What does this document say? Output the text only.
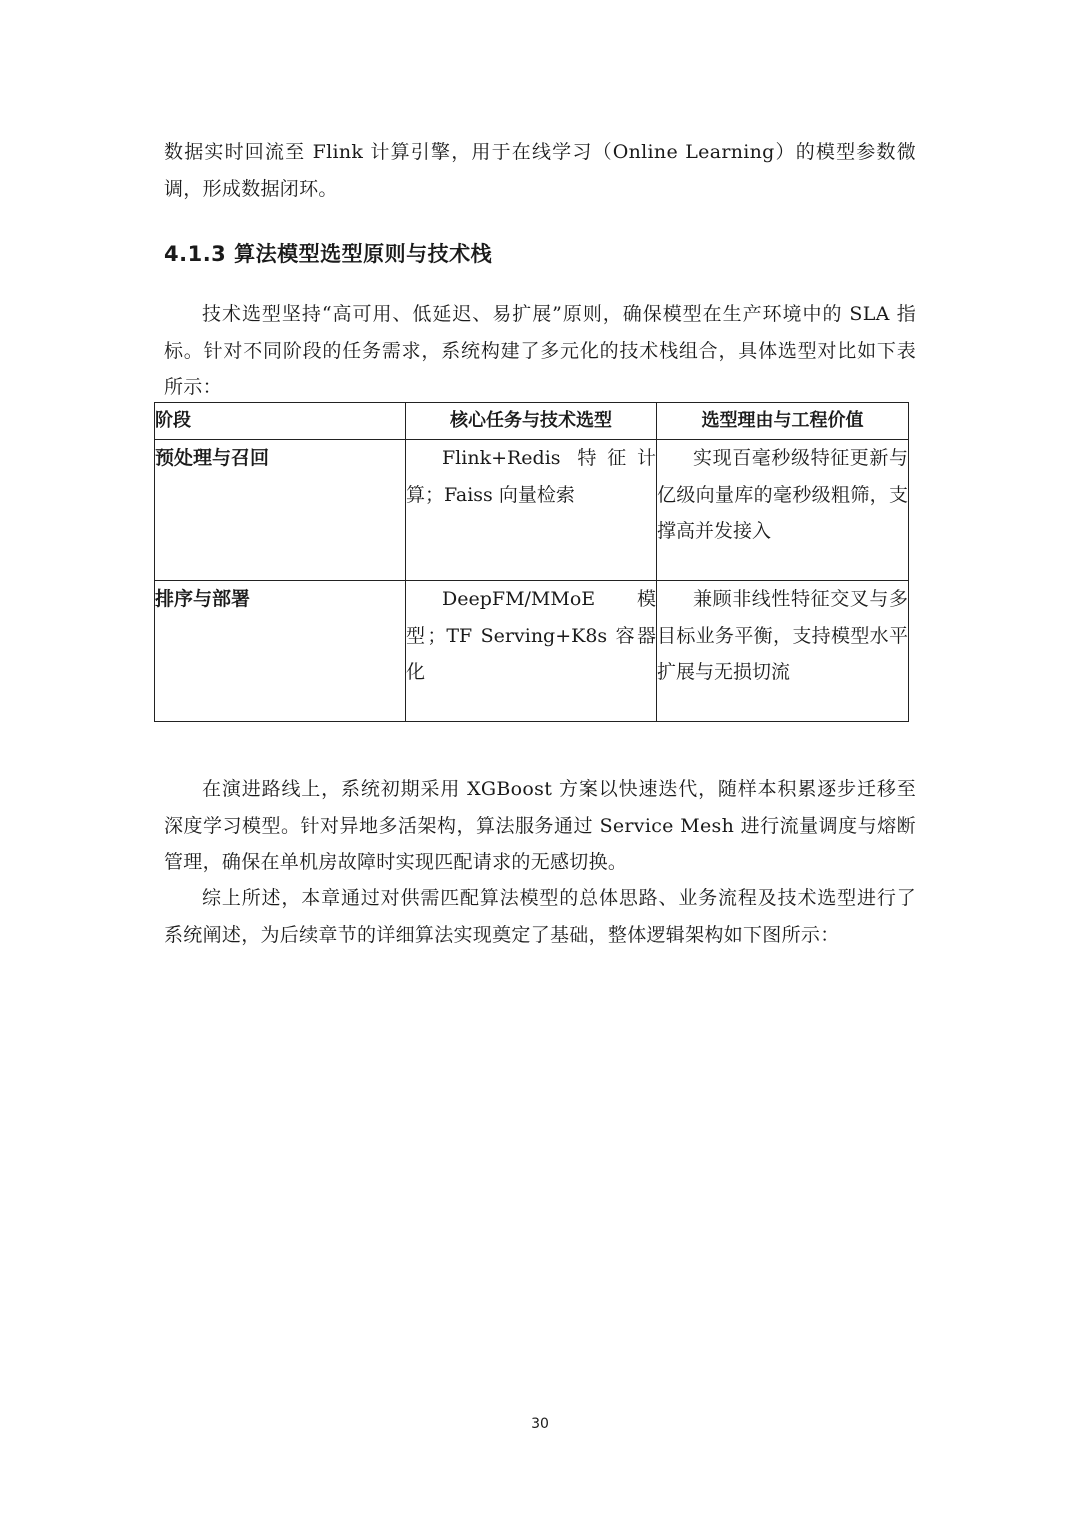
数据实时回流至 Flink 计算引擎，用于在线学习（Online Learning）的模型参数微调，形成数据闭环。

4.1.3 算法模型选型原则与技术栈

技术选型坚持“高可用、低延迟、易扩展”原则，确保模型在生产环境中的 SLA 指标。针对不同阶段的任务需求，系统构建了多元化的技术栈组合，具体选型对比如下表所示：

阶段	核心任务与技术选型	选型理由与工程价值
预处理与召回	Flink+Redis 特征计算；Faiss 向量检索	实现百毫秒级特征更新与亿级向量库的毫秒级粗筛，支撑高并发接入
排序与部署	DeepFM/MMoE 模型；TF Serving+K8s 容器化	兼顾非线性特征交叉与多目标业务平衡，支持模型水平扩展与无损切流

在演进路线上，系统初期采用 XGBoost 方案以快速迭代，随样本积累逐步迁移至深度学习模型。针对异地多活架构，算法服务通过 Service Mesh 进行流量调度与熔断管理，确保在单机房故障时实现匹配请求的无感切换。

综上所述，本章通过对供需匹配算法模型的总体思路、业务流程及技术选型进行了系统阐述，为后续章节的详细算法实现奠定了基础，整体逻辑架构如下图所示：

30
